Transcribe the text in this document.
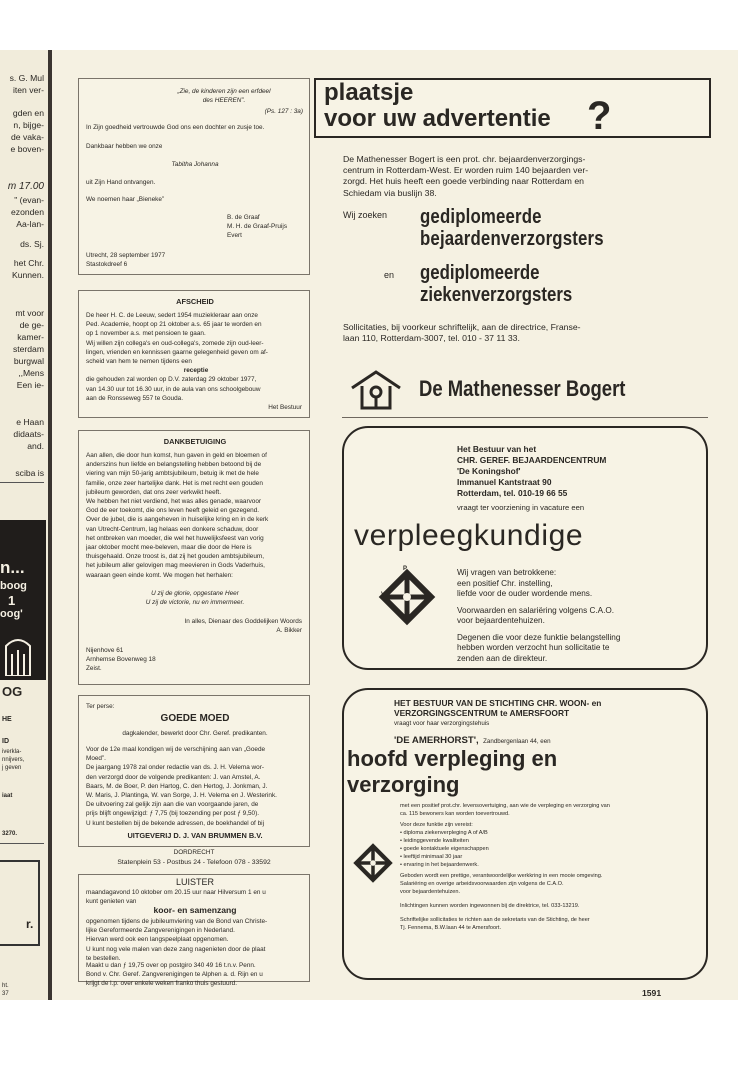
s. G. Mul
iten ver-
gden en
n, bijge-
de vaka-
e boven-
m 17.00
" (evan-
ezonden
Aa-lan-
ds. Sj.
het Chr.
Kunnen.
mt voor
de ge-
kamer-
sterdam
burgwal
,,Mens
Een ie-
e Haan
didaats-
and.
sciba is
OG
HE
ID
iverkla-
nnijvers,
j geven
iaat
3270.
r.
ht.
37
n...
boog
1
oog'
„Zie, de kinderen zijn een erfdeel
des HEEREN”.
(Ps. 127 : 3a)
In Zijn goedheid vertrouwde God ons een dochter en zusje toe.
Dankbaar hebben we onze
Tabitha Johanna
uit Zijn Hand ontvangen.
We noemen haar „Bieneke”
B. de Graaf
M. H. de Graaf-Pruijs
Evert
Utrecht, 28 september 1977
Stastokdreef 6
AFSCHEID
De heer H. C. de Leeuw, sedert 1954 muziekleraar aan onze
Ped. Academie, hoopt op 21 oktober a.s. 65 jaar te worden en
op 1 november a.s. met pensioen te gaan.
Wij willen zijn collega's en oud-collega's, zomede zijn oud-leer-
lingen, vrienden en kennissen gaarne gelegenheid geven om af-
scheid van hem te nemen tijdens een
receptie
die gehouden zal worden op D.V. zaterdag 29 oktober 1977,
van 14.30 uur tot 16.30 uur, in de aula van ons schoolgebouw
aan de Ronsseweg 557 te Gouda.
Het Bestuur
DANKBETUIGING
Aan allen, die door hun komst, hun gaven in geld en bloemen of
anderszins hun liefde en belangstelling hebben betoond bij de
viering van mijn 50-jarig ambtsjubileum, betuig ik met de hele
familie, onze zeer hartelijke dank. Het is met recht een gouden
jubileum geworden, dat ons zeer verkwikt heeft.
We hebben het niet verdiend, het was alles genade, waarvoor
God de eer toekomt, die ons leven heeft geleid en gezegend.
Over de jubel, die is aangeheven in huiselijke kring en in de kerk
van Utrecht-Centrum, lag helaas een donkere schaduw, door
het ontbreken van moeder, die wel het huwelijksfeest van vorig
jaar oktober mocht mee-beleven, maar die door de Here is
thuisgehaald. Onze troost is, dat zij het gouden ambtsjubileum,
het jubileum aller gelovigen mag meevieren in Gods Vaderhuis,
waaraan geen einde komt. We mogen het herhalen:
U zij de glorie, opgestane Heer
U zij de victorie, nu en immermeer.
In alles, Dienaar des Goddelijken Woords
A. Bikker
Nijenhove 61
Arnhemse Bovenweg 18
Zeist.
Ter perse:
GOEDE MOED
dagkalender, bewerkt door Chr. Geref. predikanten.
Voor de 12e maal kondigen wij de verschijning aan van „Goede
Moed”.
De jaargang 1978 zal onder redactie van ds. J. H. Velema wor-
den verzorgd door de volgende predikanten: J. van Amstel, A.
Baars, M. de Boer, P. den Hartog, C. den Hertog, J. Jonkman, J.
W. Maris, J. Plantinga, W. van Sorge, J. H. Velema en J. Westerink.
De uitvoering zal gelijk zijn aan die van voorgaande jaren, de
prijs blijft ongewijzigd: ƒ 7,75 (bij toezending per post ƒ 9,50).
U kunt bestellen bij de bekende adressen, de boekhandel of bij
UITGEVERIJ D. J. VAN BRUMMEN B.V.
DORDRECHT
Statenplein 53 - Postbus 24 - Telefoon 078 - 33592
LUISTER
maandagavond 10 oktober om 20.15 uur naar Hilversum 1 en u
kunt genieten van
koor- en samenzang
opgenomen tijdens de jubileumviering van de Bond van Christe-
lijke Gereformeerde Zangverenigingen in Nederland.
Hiervan werd ook een langspeelplaat opgenomen.
U kunt nog vele malen van deze zang nagenieten door de plaat
te bestellen.
Maakt u dan ƒ 19,75 over op postgiro 340 49 16 t.n.v. Penn.
Bond v. Chr. Geref. Zangverenigingen te Alphen a. d. Rijn en u
krijgt de l.p. over enkele weken franko thuis gestuurd.
plaatsje
voor uw advertentie ?
De Mathenesser Bogert is een prot. chr. bejaardenverzorgings-
centrum in Rotterdam-West. Er worden ruim 140 bejaarden ver-
zorgd. Het huis heeft een goede verbinding naar Rotterdam en
Schiedam via buslijn 38.
Wij zoeken gediplomeerde
bejaardenverzorgsters
en gediplomeerde
ziekenverzorgsters
Sollicitaties, bij voorkeur schriftelijk, aan de directrice, Franse-
laan 110, Rotterdam-3007, tel. 010 - 37 11 33.
De Mathenesser Bogert
Het Bestuur van het
CHR. GEREF. BEJAARDENCENTRUM
'De Koningshof'
Immanuel Kantstraat 90
Rotterdam, tel. 010-19 66 55
vraagt ter voorziening in vacature een
verpleegkundige
P
V	I
B
Wij vragen van betrokkene:
een positief Chr. instelling,
liefde voor de ouder wordende mens.
Voorwaarden en salariëring volgens C.A.O.
voor bejaardentehuizen.
Degenen die voor deze funktie belangstelling
hebben worden verzocht hun sollicitatie te
zenden aan de direkteur.
HET BESTUUR VAN DE STICHTING CHR. WOON- en
VERZORGINGSCENTRUM te AMERSFOORT
vraagt voor haar verzorgingstehuis
'DE AMERHORST', Zandbergenlaan 44, een
hoofd verpleging en
verzorging
met een positief prot.chr. levensovertuiging, aan wie de verpleging en verzorging van
ca. 115 bewoners kan worden toevertrouwd.
Voor deze funktie zijn vereist:
• diploma ziekenverpleging A of A/B
• leidinggevende kwaliteiten
• goede kontaktuele eigenschappen
• leeftijd minimaal 30 jaar
• ervaring in het bejaardenwerk.
Geboden wordt een prettige, verantwoordelijke werkkring in een mooie omgeving.
Salariëring en overige arbeidsvoorwaarden zijn volgens de C.A.O.
voor bejaardentehuizen.
Inlichtingen kunnen worden ingewonnen bij de direktrice, tel. 033-13219.
Schriftelijke sollicitaties te richten aan de sekretaris van de Stichting, de heer
Tj. Fennema, B.W.laan 44 te Amersfoort.
1591
